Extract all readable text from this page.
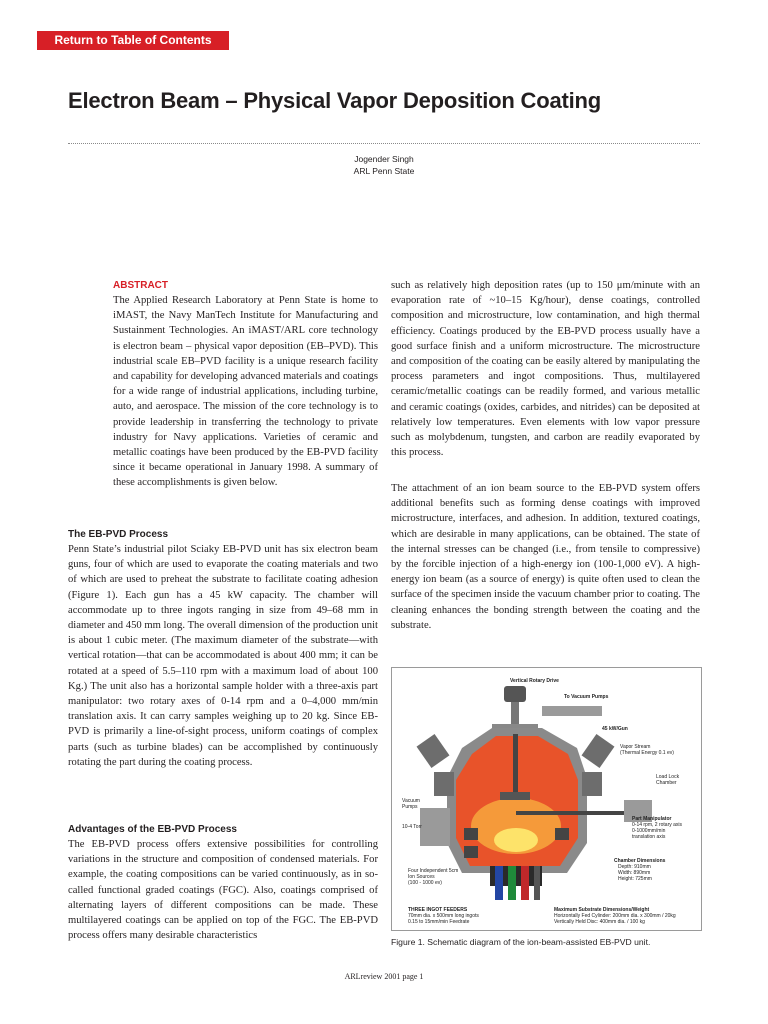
Return to Table of Contents
Electron Beam – Physical Vapor Deposition Coating
Jogender Singh
ARL Penn State

ABSTRACT

The Applied Research Laboratory at Penn State is home to iMAST, the Navy ManTech Institute for Manufacturing and Sustainment Technologies. An iMAST/ARL core technology is electron beam – physical vapor deposition (EB–PVD). This industrial scale EB–PVD facility is a unique research facility and capability for developing advanced materials and coatings for a wide range of industrial applications, including turbine, auto, and aerospace. The mission of the core technology is to provide leadership in transferring the technology to private industry for Navy applications. Varieties of ceramic and metallic coatings have been produced by the EB-PVD facility since it became operational in January 1998. A summary of these accomplishments is given below.

The EB-PVD Process

Penn State’s industrial pilot Sciaky EB-PVD unit has six electron beam guns, four of which are used to evaporate the coating materials and two of which are used to preheat the substrate to facilitate coating adhesion (Figure 1). Each gun has a 45 kW capacity. The chamber will accommodate up to three ingots ranging in size from 49–68 mm in diameter and 450 mm long. The overall dimension of the production unit is about 1 cubic meter. (The maximum diameter of the substrate—with vertical rotation—that can be accommodated is about 400 mm; it can be rotated at a speed of 5.5–110 rpm with a maximum load of about 100 Kg.) The unit also has a horizontal sample holder with a three-axis part manipulator: two rotary axes of 0-14 rpm and a 0–4,000 mm/min translation axis. It can carry samples weighing up to 20 kg. Since EB-PVD is primarily a line-of-sight process, uniform coatings of complex parts (such as turbine blades) can be accomplished by continuously rotating the part during the coating process.

Advantages of the EB-PVD Process

The EB-PVD process offers extensive possibilities for controlling variations in the structure and composition of condensed materials. For example, the coating compositions can be varied continuously, as in so-called functional graded coatings (FGC). Also, coatings comprised of alternating layers of different compositions can be made. These multilayered coatings can be applied on top of the FGC. The EB-PVD process offers many desirable characteristics

such as relatively high deposition rates (up to 150 μm/minute with an evaporation rate of ~10–15 Kg/hour), dense coatings, controlled composition and microstructure, low contamination, and high thermal efficiency. Coatings produced by the EB-PVD process usually have a good surface finish and a uniform microstructure. The microstructure and composition of the coating can be easily altered by manipulating the process parameters and ingot compositions. Thus, multilayered ceramic/metallic coatings can be readily formed, and various metallic and ceramic coatings (oxides, carbides, and nitrides) can be deposited at relatively low temperatures. Even elements with low vapor pressure such as molybdenum, tungsten, and carbon are readily evaporated by this process.

The attachment of an ion beam source to the EB-PVD system offers additional benefits such as forming dense coatings with improved microstructure, interfaces, and adhesion. In addition, textured coatings, which are desirable in many applications, can be obtained. The state of the internal stresses can be changed (i.e., from tensile to compressive) by the forcible injection of a high-energy ion (100-1,000 eV). A high-energy ion beam (as a source of energy) is quite often used to clean the surface of the specimen inside the vacuum chamber prior to coating. The cleaning enhances the bonding strength between the coating and the substrate.

Vertical Rotary Drive
To Vacuum Pumps
45 kW/Gun
Vapor Stream
(Thermal Energy 0.1 ev)
Load Lock
Chamber
Vacuum
Pumps
10-4 Torr
Part Manipulator
0-14 rpm, 2 rotary axis
0-1000mm/min
translation axis
Four Independent 5cm
Ion Sources
(100 - 1000 ev)
Chamber Dimensions
Depth: 910mm
Width: 890mm
Height: 725mm
THREE INGOT FEEDERS
70mm dia. x 500mm long ingots
0.15 to 15mm/min Feedrate
Maximum Substrate Dimensions/Weight
Horizontally Fed Cylinder: 200mm dia. x 300mm / 20kg
Vertically Held Disc: 400mm dia. / 100 kg
Figure 1. Schematic diagram of the ion-beam-assisted EB-PVD unit.
ARLreview 2001 page 1
